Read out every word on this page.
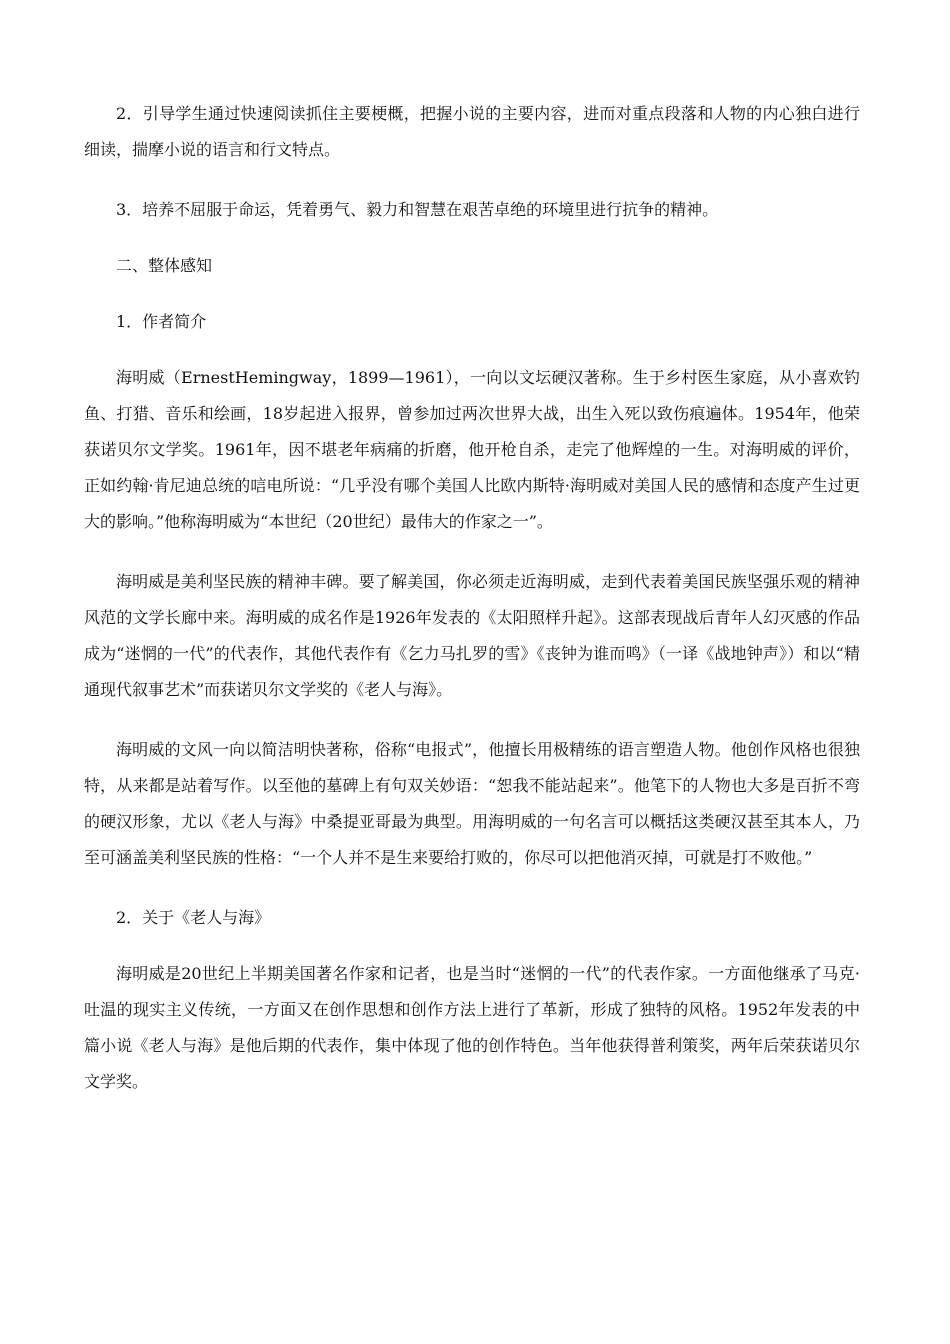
2．引导学生通过快速阅读抓住主要梗概，把握小说的主要内容，进而对重点段落和人物的内心独白进行细读，揣摩小说的语言和行文特点。

3．培养不屈服于命运，凭着勇气、毅力和智慧在艰苦卓绝的环境里进行抗争的精神。

二、整体感知

1．作者简介

海明威（ErnestHemingway，1899—1961），一向以文坛硬汉著称。生于乡村医生家庭，从小喜欢钓鱼、打猎、音乐和绘画，18岁起进入报界，曾参加过两次世界大战，出生入死以致伤痕遍体。1954年，他荣获诺贝尔文学奖。1961年，因不堪老年病痛的折磨，他开枪自杀，走完了他辉煌的一生。对海明威的评价，正如约翰·肯尼迪总统的唁电所说：“几乎没有哪个美国人比欧内斯特·海明威对美国人民的感情和态度产生过更大的影响。”他称海明威为“本世纪（20世纪）最伟大的作家之一”。

海明威是美利坚民族的精神丰碑。要了解美国，你必须走近海明威，走到代表着美国民族坚强乐观的精神风范的文学长廊中来。海明威的成名作是1926年发表的《太阳照样升起》。这部表现战后青年人幻灭感的作品成为“迷惘的一代”的代表作，其他代表作有《乞力马扎罗的雪》《丧钟为谁而鸣》（一译《战地钟声》）和以“精通现代叙事艺术”而获诺贝尔文学奖的《老人与海》。

海明威的文风一向以简洁明快著称，俗称“电报式”，他擅长用极精练的语言塑造人物。他创作风格也很独特，从来都是站着写作。以至他的墓碑上有句双关妙语：“恕我不能站起来”。他笔下的人物也大多是百折不弯的硬汉形象，尤以《老人与海》中桑提亚哥最为典型。用海明威的一句名言可以概括这类硬汉甚至其本人，乃至可涵盖美利坚民族的性格：“一个人并不是生来要给打败的，你尽可以把他消灭掉，可就是打不败他。”

2．关于《老人与海》

海明威是20世纪上半期美国著名作家和记者，也是当时“迷惘的一代”的代表作家。一方面他继承了马克·吐温的现实主义传统，一方面又在创作思想和创作方法上进行了革新，形成了独特的风格。1952年发表的中篇小说《老人与海》是他后期的代表作，集中体现了他的创作特色。当年他获得普利策奖，两年后荣获诺贝尔文学奖。
